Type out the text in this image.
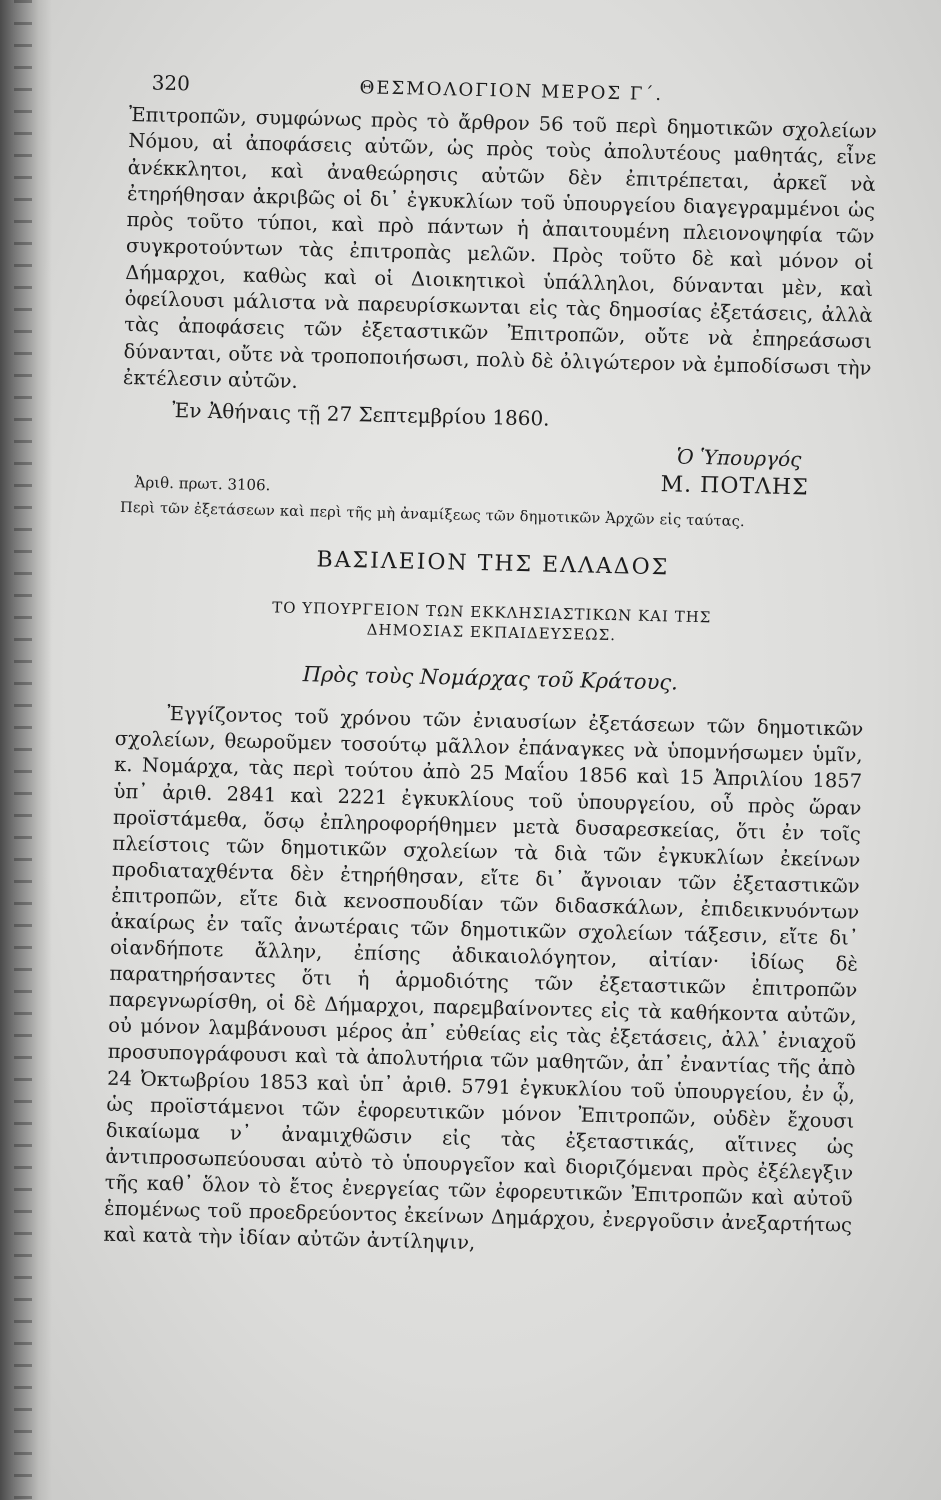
320	ΘΕΣΜΟΛΟΓΙΟΝ ΜΕΡΟΣ Γ΄.

Ἐπιτροπῶν, συμφώνως πρὸς τὸ ἄρθρον 56 τοῦ περὶ δημοτικῶν σχολείων Νόμου, αἱ ἀποφάσεις αὐτῶν, ὡς πρὸς τοὺς ἀπολυτέους μαθητάς, εἶνε ἀνέκκλητοι, καὶ ἀναθεώρησις αὐτῶν δὲν ἐπιτρέπεται, ἀρκεῖ νὰ ἐτηρήθησαν ἀκριβῶς οἱ δι᾽ ἐγκυκλίων τοῦ ὑπουργείου διαγεγραμμένοι ὡς πρὸς τοῦτο τύποι, καὶ πρὸ πάντων ἡ ἀπαιτουμένη πλειονοψηφία τῶν συγκροτούντων τὰς ἐπιτροπὰς μελῶν. Πρὸς τοῦτο δὲ καὶ μόνον οἱ Δήμαρχοι, καθὼς καὶ οἱ Διοικητικοὶ ὑπάλληλοι, δύνανται μὲν, καὶ ὀφείλουσι μάλιστα νὰ παρευρίσκωνται εἰς τὰς δημοσίας ἐξετάσεις, ἀλλὰ τὰς ἀποφάσεις τῶν ἐξεταστικῶν Ἐπιτροπῶν, οὔτε νὰ ἐπηρεάσωσι δύνανται, οὔτε νὰ τροποποιήσωσι, πολὺ δὲ ὀλιγώτερον νὰ ἐμποδίσωσι τὴν ἐκτέλεσιν αὐτῶν.

Ἐν Ἀθήναις τῇ 27 Σεπτεμβρίου 1860.
Ὁ Ὑπουργός
Μ. ΠΟΤΛΗΣ
Ἀριθ. πρωτ. 3106.
Περὶ τῶν ἐξετάσεων καὶ περὶ τῆς μὴ ἀναμίξεως τῶν δημοτικῶν Ἀρχῶν εἰς ταύτας.
ΒΑΣΙΛΕΙΟΝ ΤΗΣ ΕΛΛΑΔΟΣ
ΤΟ ΥΠΟΥΡΓΕΙΟΝ ΤΩΝ ΕΚΚΛΗΣΙΑΣΤΙΚΩΝ ΚΑΙ ΤΗΣ
ΔΗΜΟΣΙΑΣ ΕΚΠΑΙΔΕΥΣΕΩΣ.
Πρὸς τοὺς Νομάρχας τοῦ Κράτους.

Ἐγγίζοντος τοῦ χρόνου τῶν ἐνιαυσίων ἐξετάσεων τῶν δημοτικῶν σχολείων, θεωροῦμεν τοσούτῳ μᾶλλον ἐπάναγκες νὰ ὑπομνήσωμεν ὑμῖν, κ. Νομάρχα, τὰς περὶ τούτου ἀπὸ 25 Μαΐου 1856 καὶ 15 Ἀπριλίου 1857 ὑπ᾽ ἀριθ. 2841 καὶ 2221 ἐγκυκλίους τοῦ ὑπουργείου, οὗ πρὸς ὥραν προϊστάμεθα, ὅσῳ ἐπληροφορήθημεν μετὰ δυσαρεσκείας, ὅτι ἐν τοῖς πλείστοις τῶν δημοτικῶν σχολείων τὰ διὰ τῶν ἐγκυκλίων ἐκείνων προδιαταχθέντα δὲν ἐτηρήθησαν, εἴτε δι᾽ ἄγνοιαν τῶν ἐξεταστικῶν ἐπιτροπῶν, εἴτε διὰ κενοσπουδίαν τῶν διδασκάλων, ἐπιδεικνυόντων ἀκαίρως ἐν ταῖς ἀνωτέραις τῶν δημοτικῶν σχολείων τάξεσιν, εἴτε δι᾽ οἱανδήποτε ἄλλην, ἐπίσης ἀδικαιολόγητον, αἰτίαν· ἰδίως δὲ παρατηρήσαντες ὅτι ἡ ἁρμοδιότης τῶν ἐξεταστικῶν ἐπιτροπῶν παρεγνωρίσθη, οἱ δὲ Δήμαρχοι, παρεμβαίνοντες εἰς τὰ καθήκοντα αὐτῶν, οὐ μόνον λαμβάνουσι μέρος ἀπ᾽ εὐθείας εἰς τὰς ἐξετάσεις, ἀλλ᾽ ἐνιαχοῦ προσυπογράφουσι καὶ τὰ ἀπολυτήρια τῶν μαθητῶν, ἀπ᾽ ἐναντίας τῆς ἀπὸ 24 Ὀκτωβρίου 1853 καὶ ὑπ᾽ ἀριθ. 5791 ἐγκυκλίου τοῦ ὑπουργείου, ἐν ᾧ, ὡς προϊστάμενοι τῶν ἐφορευτικῶν μόνον Ἐπιτροπῶν, οὐδὲν ἔχουσι δικαίωμα ν᾽ ἀναμιχθῶσιν εἰς τὰς ἐξεταστικάς, αἵτινες ὡς ἀντιπροσωπεύουσαι αὐτὸ τὸ ὑπουργεῖον καὶ διοριζόμεναι πρὸς ἐξέλεγξιν τῆς καθ᾽ ὅλον τὸ ἔτος ἐνεργείας τῶν ἐφορευτικῶν Ἐπιτροπῶν καὶ αὐτοῦ ἑπομένως τοῦ προεδρεύοντος ἐκείνων Δημάρχου, ἐνεργοῦσιν ἀνεξαρτήτως καὶ κατὰ τὴν ἰδίαν αὐτῶν ἀντίληψιν,
